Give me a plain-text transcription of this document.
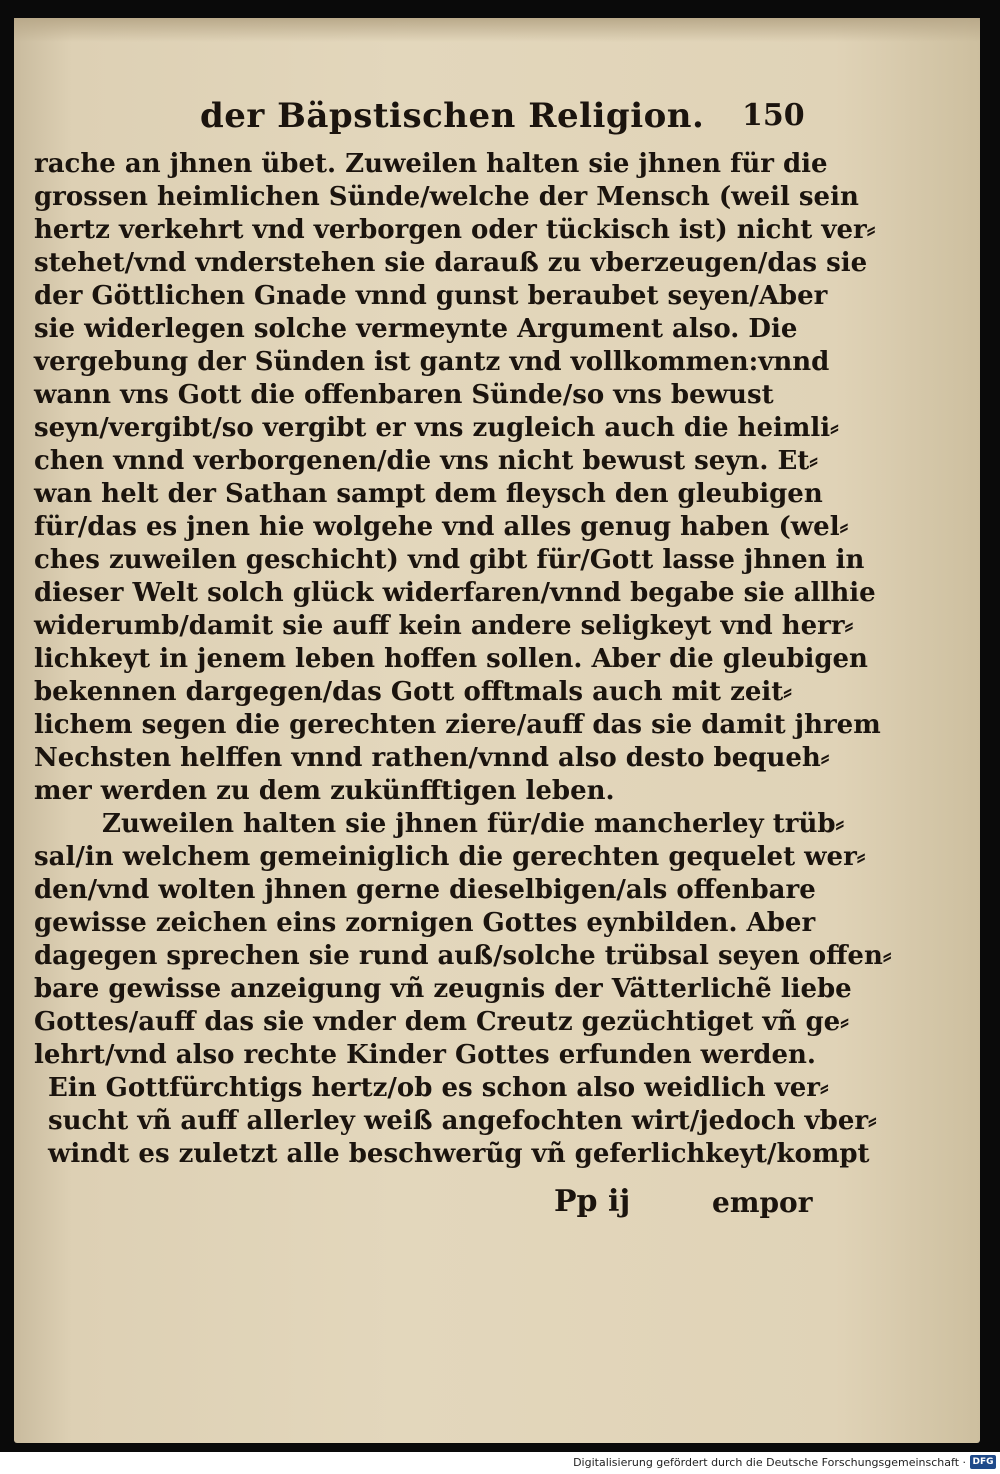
der Bäpstischen Religion. 150
rache an jhnen übet. Zuweilen halten sie jhnen für die
grossen heimlichen Sünde/welche der Mensch (weil sein
hertz verkehrt vnd verborgen oder tückisch ist) nicht ver⸗
stehet/vnd vnderstehen sie darauß zu vberzeugen/das sie
der Göttlichen Gnade vnnd gunst beraubet seyen/Aber
sie widerlegen solche vermeynte Argument also. Die
vergebung der Sünden ist gantz vnd vollkommen:vnnd
wann vns Gott die offenbaren Sünde/so vns bewust
seyn/vergibt/so vergibt er vns zugleich auch die heimli⸗
chen vnnd verborgenen/die vns nicht bewust seyn. Et⸗
wan helt der Sathan sampt dem fleysch den gleubigen
für/das es jnen hie wolgehe vnd alles genug haben (wel⸗
ches zuweilen geschicht) vnd gibt für/Gott lasse jhnen in
dieser Welt solch glück widerfaren/vnnd begabe sie allhie
widerumb/damit sie auff kein andere seligkeyt vnd herr⸗
lichkeyt in jenem leben hoffen sollen. Aber die gleubigen
bekennen dargegen/das Gott offtmals auch mit zeit⸗
lichem segen die gerechten ziere/auff das sie damit jhrem
Nechsten helffen vnnd rathen/vnnd also desto bequeh⸗
mer werden zu dem zukünfftigen leben.
Zuweilen halten sie jhnen für/die mancherley trüb⸗
sal/in welchem gemeiniglich die gerechten gequelet wer⸗
den/vnd wolten jhnen gerne dieselbigen/als offenbare
gewisse zeichen eins zornigen Gottes eynbilden. Aber
dagegen sprechen sie rund auß/solche trübsal seyen offen⸗
bare gewisse anzeigung vñ zeugnis der Vätterlichẽ liebe
Gottes/auff das sie vnder dem Creutz gezüchtiget vñ ge⸗
lehrt/vnd also rechte Kinder Gottes erfunden werden.
Ein Gottfürchtigs hertz/ob es schon also weidlich ver⸗
sucht vñ auff allerley weiß angefochten wirt/jedoch vber⸗
windt es zuletzt alle beschwerũg vñ geferlichkeyt/kompt
Pp ij	empor
Digitalisierung gefördert durch die Deutsche Forschungsgemeinschaft · DFG
